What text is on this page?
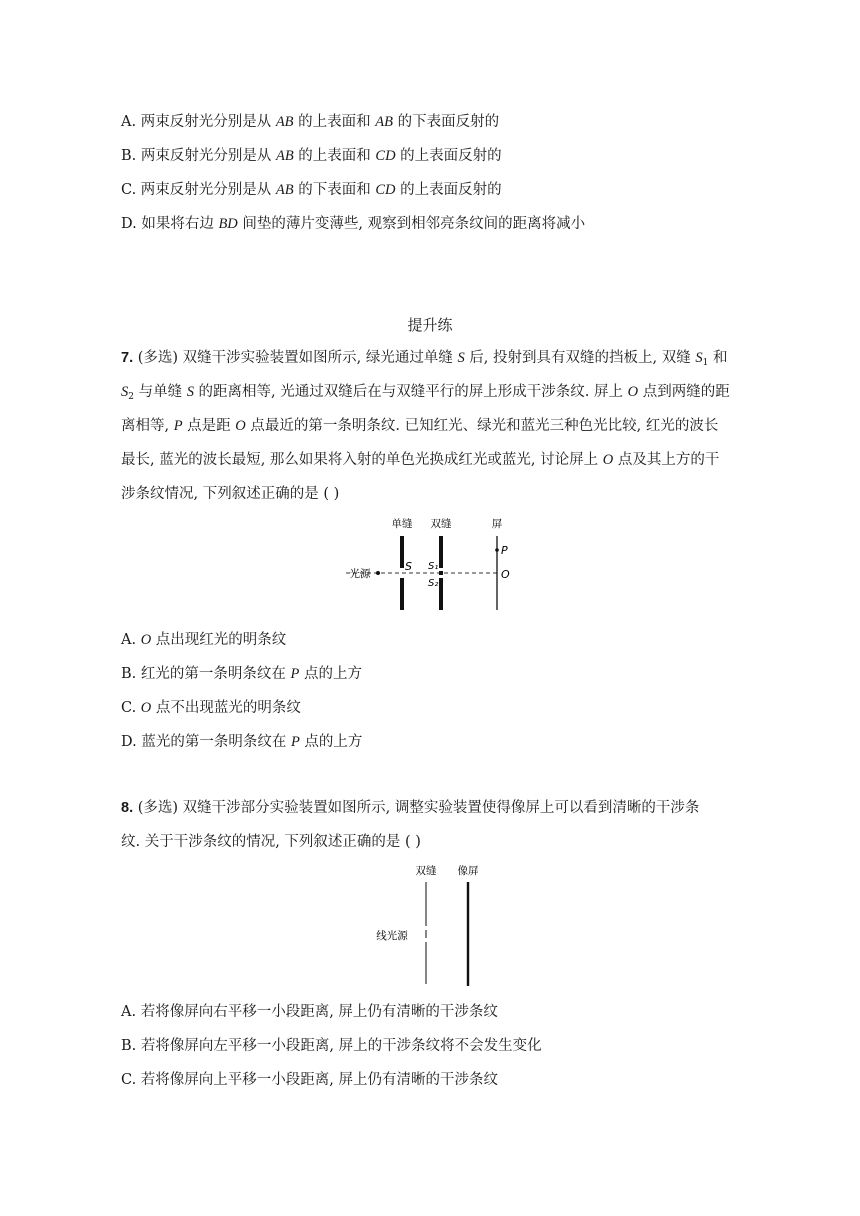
A. 两束反射光分别是从 AB 的上表面和 AB 的下表面反射的
B. 两束反射光分别是从 AB 的上表面和 CD 的上表面反射的
C. 两束反射光分别是从 AB 的下表面和 CD 的上表面反射的
D. 如果将右边 BD 间垫的薄片变薄些, 观察到相邻亮条纹间的距离将减小
提升练
7. (多选) 双缝干涉实验装置如图所示, 绿光通过单缝 S 后, 投射到具有双缝的挡板上, 双缝 $S_1$ 和
$S_2$ 与单缝 S 的距离相等, 光通过双缝后在与双缝平行的屏上形成干涉条纹. 屏上 O 点到两缝的距
离相等, P 点是距 O 点最近的第一条明条纹. 已知红光、绿光和蓝光三种色光比较, 红光的波长
最长, 蓝光的波长最短, 那么如果将入射的单色光换成红光或蓝光, 讨论屏上 O 点及其上方的干
涉条纹情况, 下列叙述正确的是 ( )
单缝 双缝	屏
光源
S S₁
S₂
P
O
A. O 点出现红光的明条纹
B. 红光的第一条明条纹在 P 点的上方
C. O 点不出现蓝光的明条纹
D. 蓝光的第一条明条纹在 P 点的上方
8. (多选) 双缝干涉部分实验装置如图所示, 调整实验装置使得像屏上可以看到清晰的干涉条
纹. 关于干涉条纹的情况, 下列叙述正确的是 ( )
双缝 像屏
线光源
A. 若将像屏向右平移一小段距离, 屏上仍有清晰的干涉条纹
B. 若将像屏向左平移一小段距离, 屏上的干涉条纹将不会发生变化
C. 若将像屏向上平移一小段距离, 屏上仍有清晰的干涉条纹
